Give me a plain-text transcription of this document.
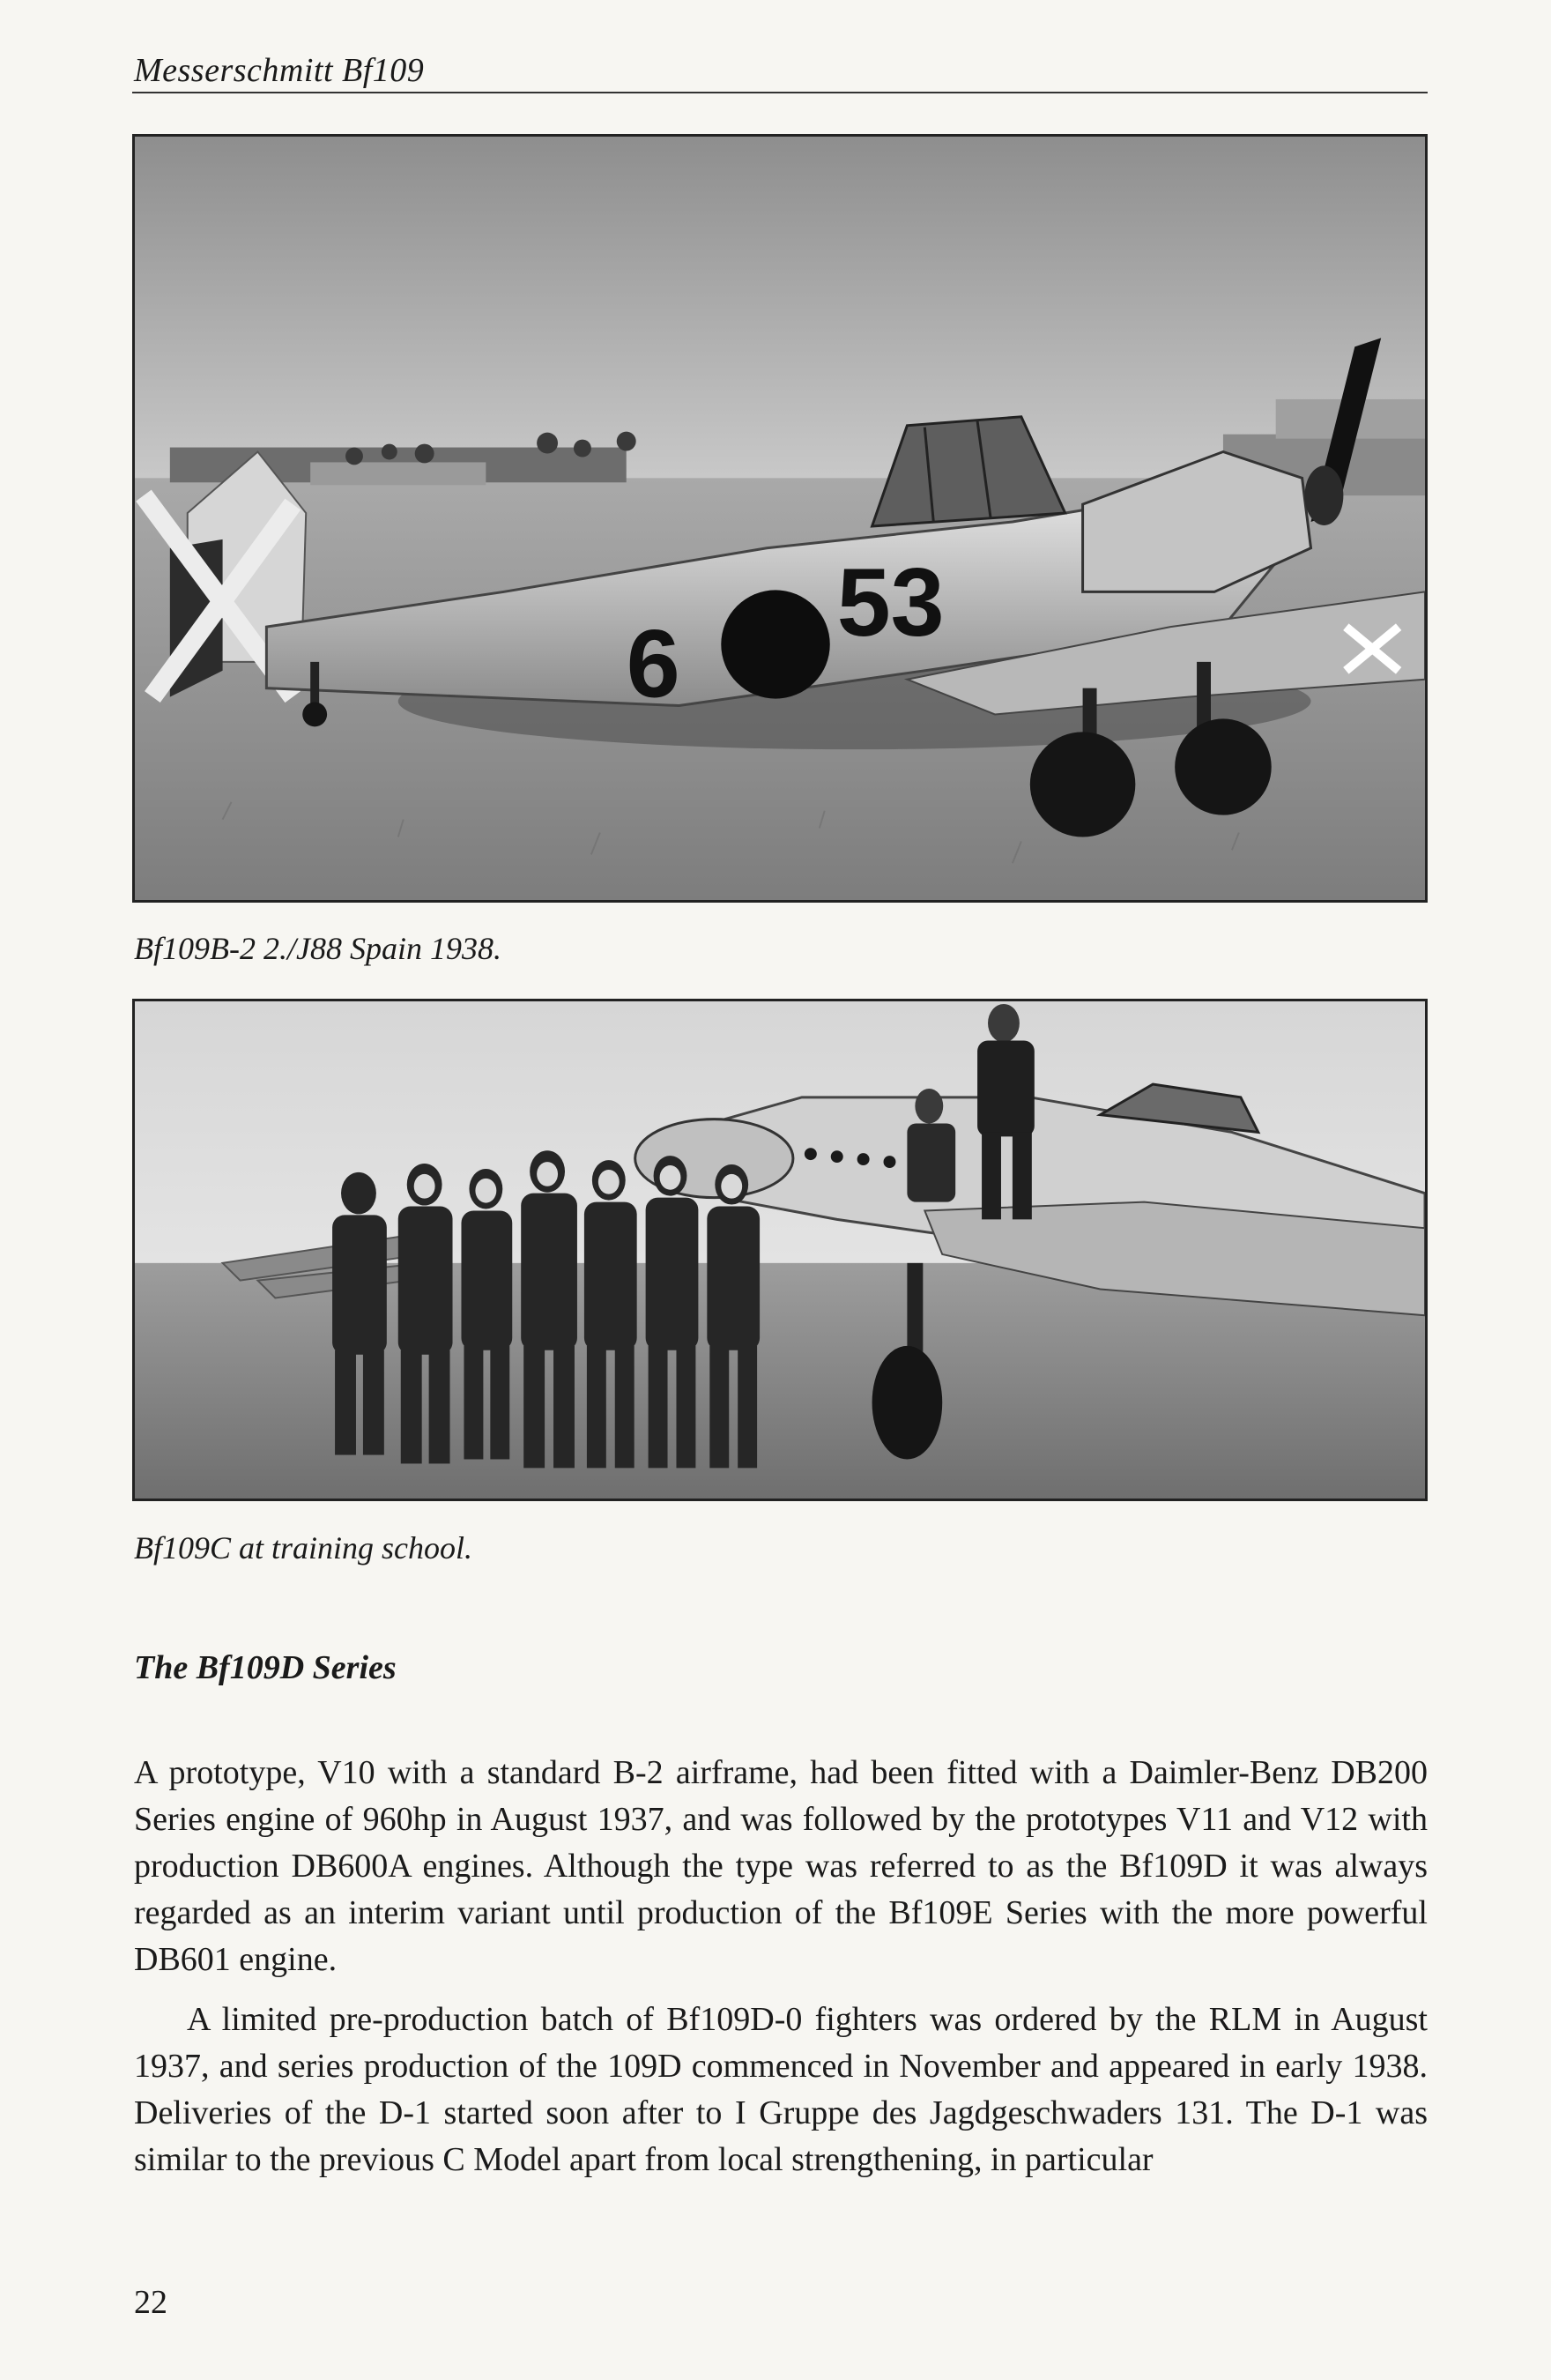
Messerschmitt Bf109
6
53
Bf109B-2 2./J88 Spain 1938.
Bf109C at training school.
The Bf109D Series

A prototype, V10 with a standard B-2 airframe, had been fitted with a Daimler-Benz DB200 Series engine of 960hp in August 1937, and was followed by the prototypes V11 and V12 with production DB600A engines. Although the type was referred to as the Bf109D it was always regarded as an interim variant until production of the Bf109E Series with the more powerful DB601 engine.

A limited pre-production batch of Bf109D-0 fighters was ordered by the RLM in August 1937, and series production of the 109D commenced in November and appeared in early 1938. Deliveries of the D-1 started soon after to I Gruppe des Jagdgeschwaders 131. The D-1 was similar to the previous C Model apart from local strengthening, in particular

22
